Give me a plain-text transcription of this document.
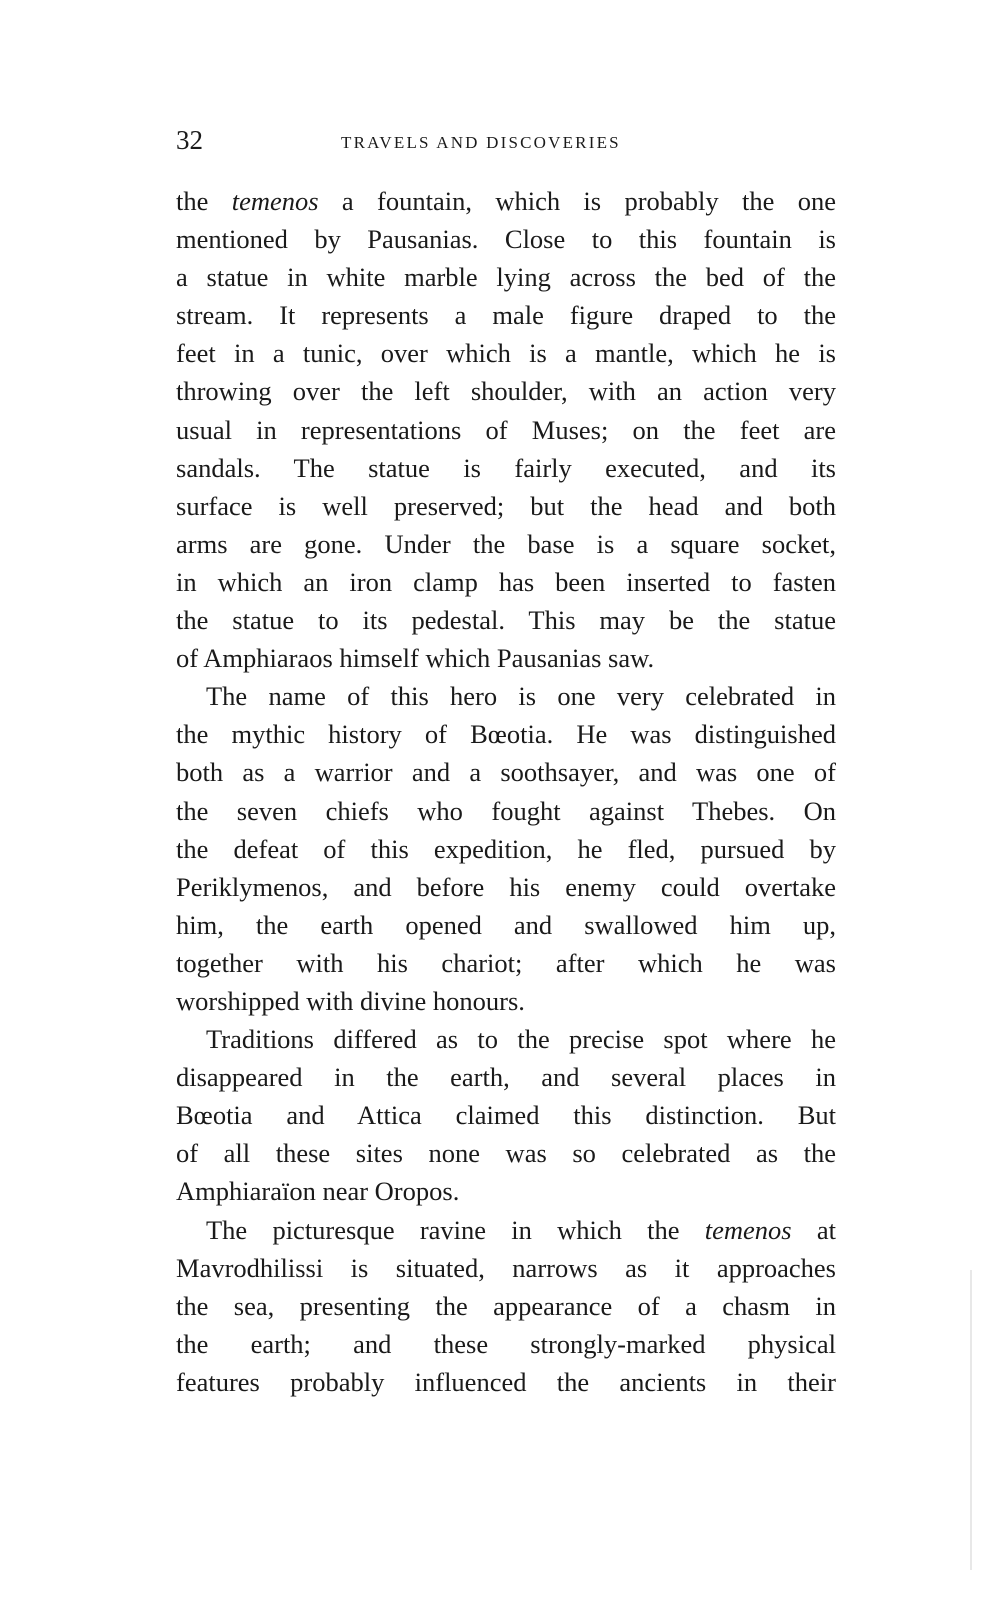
32	TRAVELS AND DISCOVERIES
the temenos a fountain, which is probably the one
mentioned by Pausanias. Close to this fountain is
a statue in white marble lying across the bed of the
stream. It represents a male figure draped to the
feet in a tunic, over which is a mantle, which he is
throwing over the left shoulder, with an action very
usual in representations of Muses; on the feet are
sandals. The statue is fairly executed, and its
surface is well preserved; but the head and both
arms are gone. Under the base is a square socket,
in which an iron clamp has been inserted to fasten
the statue to its pedestal. This may be the statue
of Amphiaraos himself which Pausanias saw.
The name of this hero is one very celebrated in
the mythic history of Bœotia. He was distinguished
both as a warrior and a soothsayer, and was one of
the seven chiefs who fought against Thebes. On
the defeat of this expedition, he fled, pursued by
Periklymenos, and before his enemy could overtake
him, the earth opened and swallowed him up,
together with his chariot; after which he was
worshipped with divine honours.
Traditions differed as to the precise spot where he
disappeared in the earth, and several places in
Bœotia and Attica claimed this distinction. But
of all these sites none was so celebrated as the
Amphiaraïon near Oropos.
The picturesque ravine in which the temenos at
Mavrodhilissi is situated, narrows as it approaches
the sea, presenting the appearance of a chasm in
the earth; and these strongly-marked physical
features probably influenced the ancients in their
